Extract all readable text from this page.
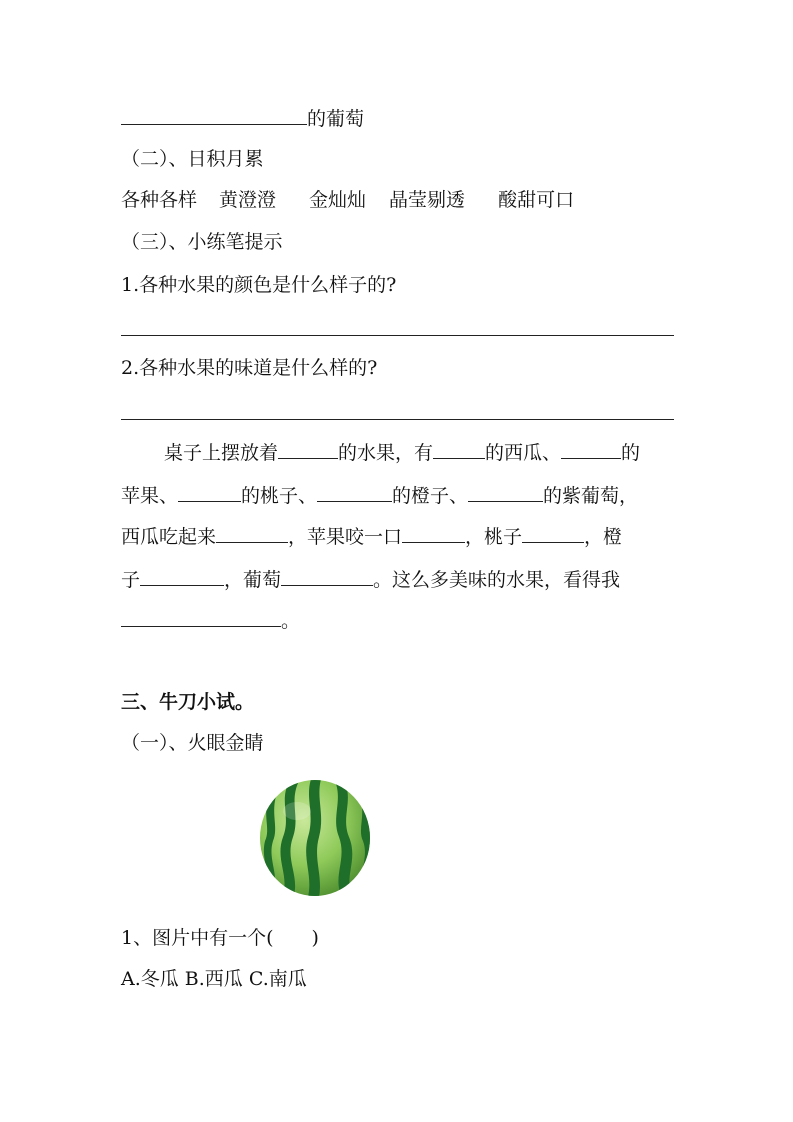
的葡萄
（二）、日积月累
各种各样 黄澄澄 金灿灿 晶莹剔透 酸甜可口
（三）、小练笔提示
1.各种水果的颜色是什么样子的?
2.各种水果的味道是什么样的?
桌子上摆放着	的水果，有	的西瓜、	的
苹果、	的桃子、	的橙子、	的紫葡萄，
西瓜吃起来	，苹果咬一口	，桃子	，橙
子	，葡萄	。这么多美味的水果，看得我
。
三、牛刀小试。
（一）、火眼金睛
1、图片中有一个(　　)
A.冬瓜 B.西瓜 C.南瓜
